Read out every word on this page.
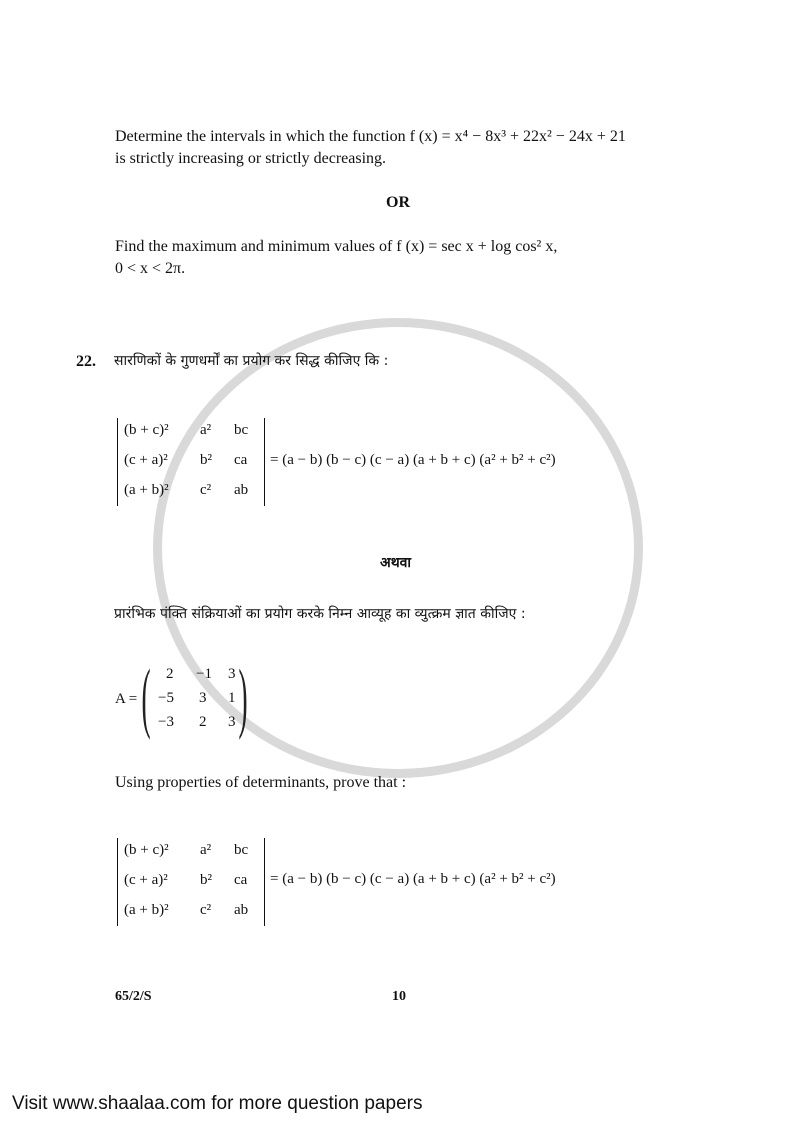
Determine the intervals in which the function f (x) = x⁴ − 8x³ + 22x² − 24x + 21
is strictly increasing or strictly decreasing.
OR
Find the maximum and minimum values of f (x) = sec x + log cos² x,
0 < x < 2π.
22. सारणिकों के गुणधर्मों का प्रयोग कर सिद्ध कीजिए कि :
(b + c)² a² bc
(c + a)² b² ca
(a + b)² c² ab
= (a − b) (b − c) (c − a) (a + b + c) (a² + b² + c²)
अथवा
प्रारंभिक पंक्ति संक्रियाओं का प्रयोग करके निम्न आव्यूह का व्युत्क्रम ज्ञात कीजिए :
A = ( )
2 −1 3
−5 3 1
−3 2 3
Using properties of determinants, prove that :
(b + c)² a² bc
(c + a)² b² ca
(a + b)² c² ab
= (a − b) (b − c) (c − a) (a + b + c) (a² + b² + c²)
65/2/S	10
Visit www.shaalaa.com for more question papers
